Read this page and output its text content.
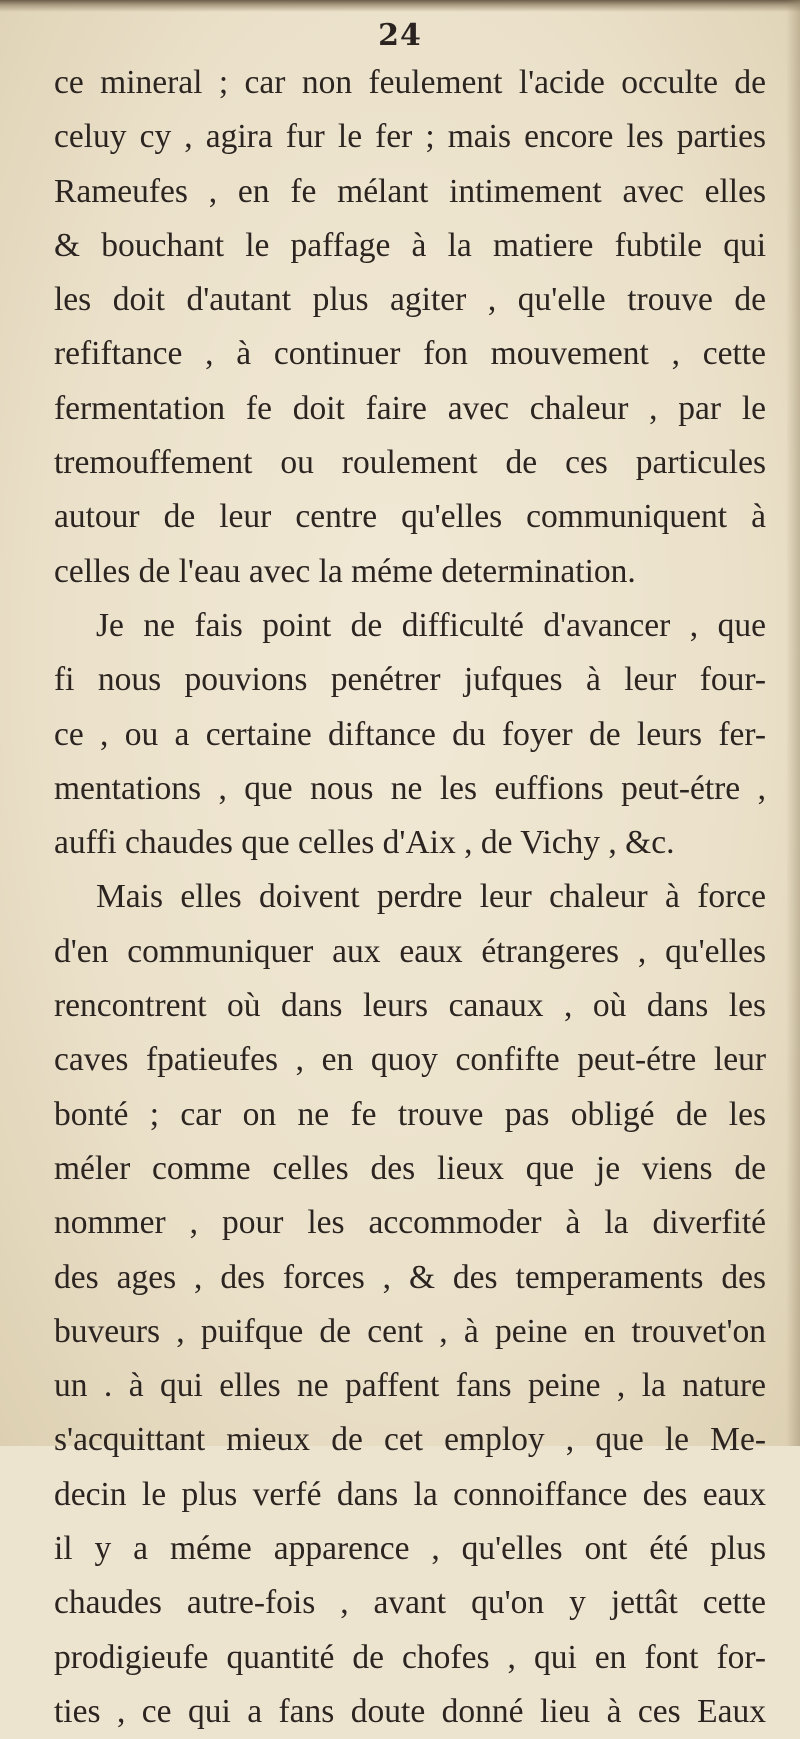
24
ce mineral ; car non feulement l'acide occulte de
celuy cy , agira fur le fer ; mais encore les parties
Rameufes , en fe mélant intimement avec elles
& bouchant le paffage à la matiere fubtile qui
les doit d'autant plus agiter , qu'elle trouve de
refiftance , à continuer fon mouvement , cette
fermentation fe doit faire avec chaleur , par le
tremouffement ou roulement de ces particules
autour de leur centre qu'elles communiquent à
celles de l'eau avec la méme determination.
Je ne fais point de difficulté d'avancer , que
fi nous pouvions penétrer jufques à leur four-
ce , ou a certaine diftance du foyer de leurs fer-
mentations , que nous ne les euffions peut-étre ,
auffi chaudes que celles d'Aix , de Vichy , &c.
Mais elles doivent perdre leur chaleur à force
d'en communiquer aux eaux étrangeres , qu'elles
rencontrent où dans leurs canaux , où dans les
caves fpatieufes , en quoy confifte peut-étre leur
bonté ; car on ne fe trouve pas obligé de les
méler comme celles des lieux que je viens de
nommer , pour les accommoder à la diverfité
des ages , des forces , & des temperaments des
buveurs , puifque de cent , à peine en trouvet'on
un . à qui elles ne paffent fans peine , la nature
s'acquittant mieux de cet employ , que le Me-
decin le plus verfé dans la connoiffance des eaux
il y a méme apparence , qu'elles ont été plus
chaudes autre-fois , avant qu'on y jettât cette
prodigieufe quantité de chofes , qui en font for-
ties , ce qui a fans doute donné lieu à ces Eaux
